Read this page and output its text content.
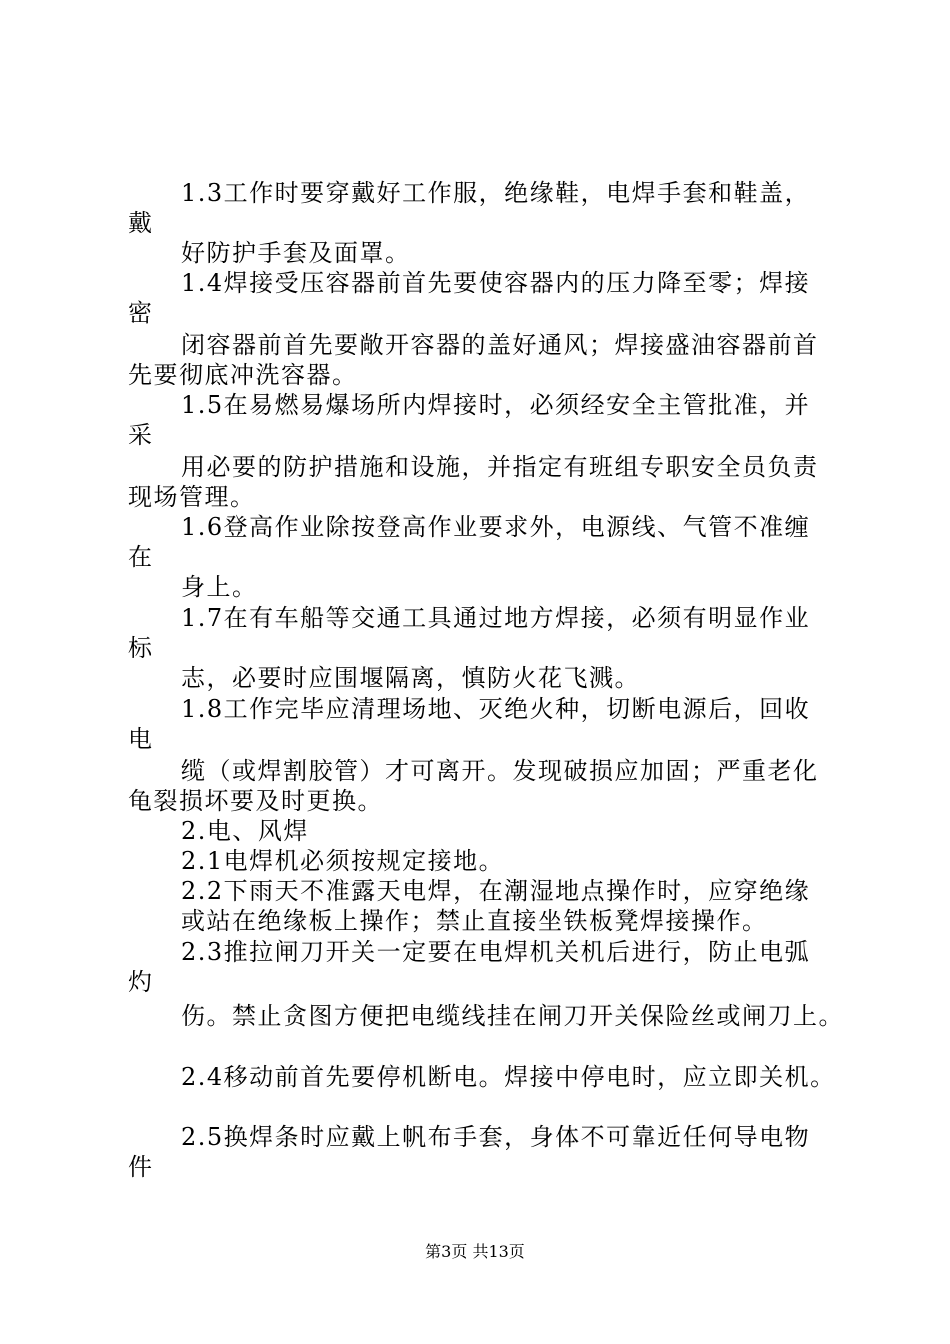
1.3工作时要穿戴好工作服，绝缘鞋，电焊手套和鞋盖，
戴
好防护手套及面罩。
1.4焊接受压容器前首先要使容器内的压力降至零；焊接
密
闭容器前首先要敞开容器的盖好通风；焊接盛油容器前首
先要彻底冲洗容器。
1.5在易燃易爆场所内焊接时，必须经安全主管批准，并
采
用必要的防护措施和设施，并指定有班组专职安全员负责
现场管理。
1.6登高作业除按登高作业要求外，电源线、气管不准缠
在
身上。
1.7在有车船等交通工具通过地方焊接，必须有明显作业
标
志，必要时应围堰隔离，慎防火花飞溅。
1.8工作完毕应清理场地、灭绝火种，切断电源后，回收
电
缆（或焊割胶管）才可离开。发现破损应加固；严重老化
龟裂损坏要及时更换。
2.电、风焊
2.1电焊机必须按规定接地。
2.2下雨天不准露天电焊，在潮湿地点操作时，应穿绝缘
或站在绝缘板上操作；禁止直接坐铁板凳焊接操作。
2.3推拉闸刀开关一定要在电焊机关机后进行，防止电弧
灼
伤。禁止贪图方便把电缆线挂在闸刀开关保险丝或闸刀上。
2.4移动前首先要停机断电。焊接中停电时，应立即关机。
2.5换焊条时应戴上帆布手套，身体不可靠近任何导电物
件
第3页 共13页
